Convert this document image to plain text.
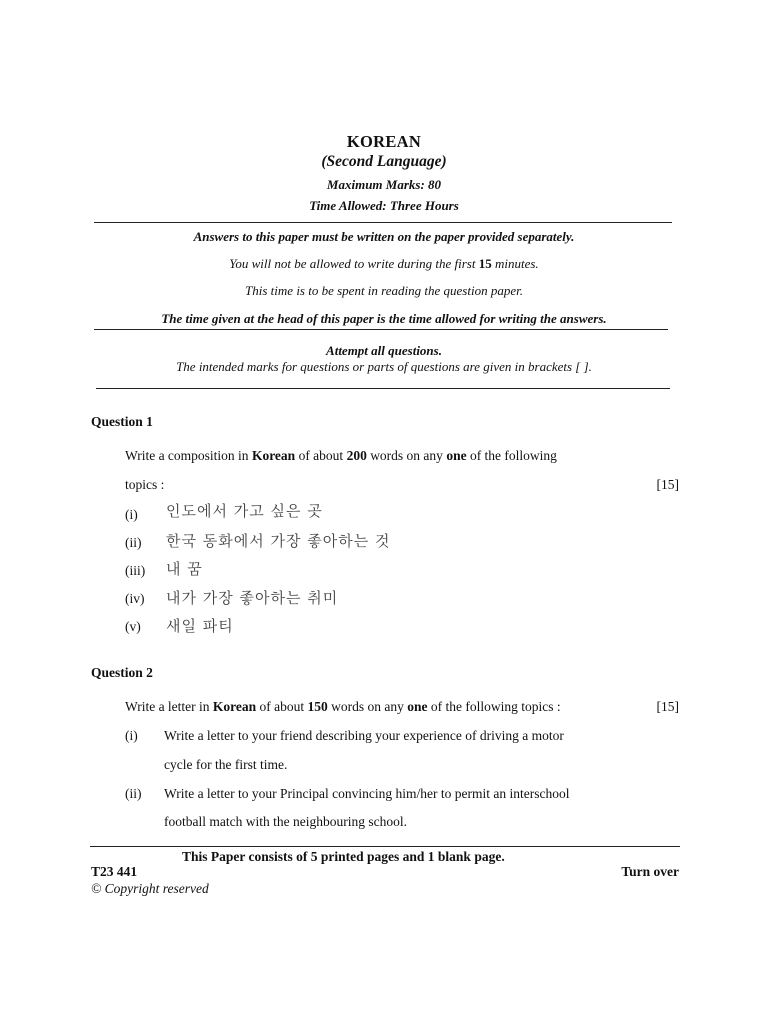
KOREAN
(Second Language)
Maximum Marks: 80
Time Allowed: Three Hours
Answers to this paper must be written on the paper provided separately.
You will not be allowed to write during the first 15 minutes.
This time is to be spent in reading the question paper.
The time given at the head of this paper is the time allowed for writing the answers.
Attempt all questions.
The intended marks for questions or parts of questions are given in brackets [ ].
Question 1
Write a composition in Korean of about 200 words on any one of the following
topics :	[15]
(i) 인도에서 가고 싶은 곳
(ii) 한국 동화에서 가장 좋아하는 것
(iii) 내 꿈
(iv) 내가 가장 좋아하는 취미
(v) 새일 파티
Question 2
Write a letter in Korean of about 150 words on any one of the following topics :	[15]
(i) Write a letter to your friend describing your experience of driving a motor
cycle for the first time.
(ii) Write a letter to your Principal convincing him/her to permit an interschool
football match with the neighbouring school.
This Paper consists of 5 printed pages and 1 blank page.
T23 441	Turn over
© Copyright reserved
